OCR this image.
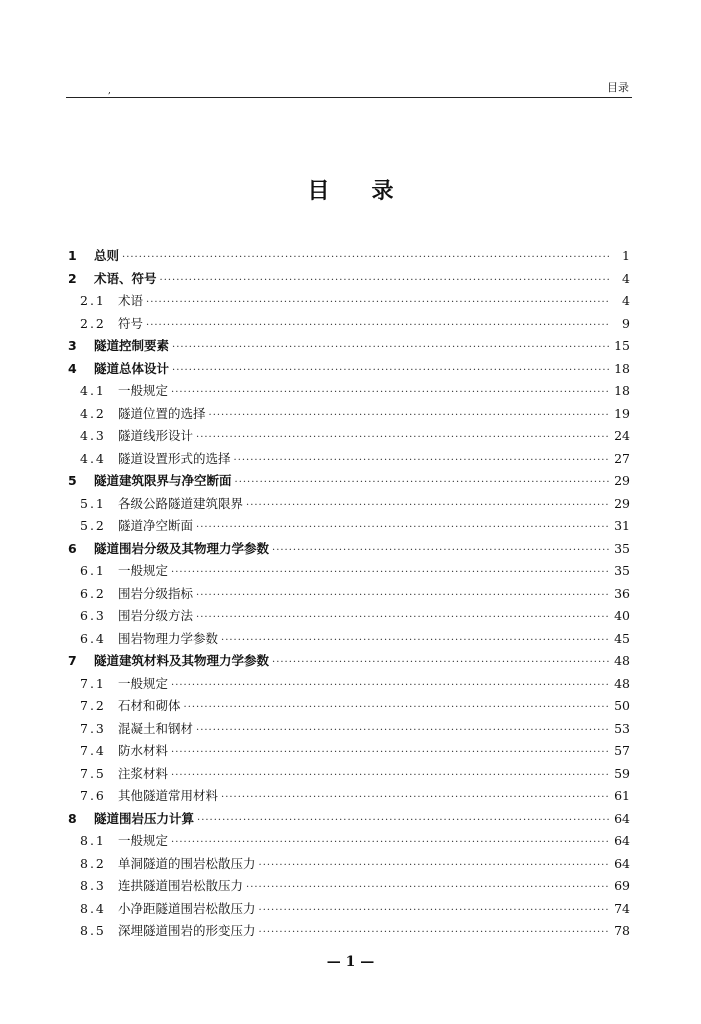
,	目录
目录
1	总则 ·····	1
2	术语、符号 ·····	4
2.1 术语 ·····	4
2.2 符号 ·····	9
3	隧道控制要素 ·····	15
4	隧道总体设计 ·····	18
4.1 一般规定 ·····	18
4.2 隧道位置的选择 ·····	19
4.3 隧道线形设计 ·····	24
4.4 隧道设置形式的选择 ·····	27
5	隧道建筑限界与净空断面 ·····	29
5.1 各级公路隧道建筑限界 ·····	29
5.2 隧道净空断面 ·····	31
6	隧道围岩分级及其物理力学参数 ·····	35
6.1 一般规定 ·····	35
6.2 围岩分级指标 ·····	36
6.3 围岩分级方法 ·····	40
6.4 围岩物理力学参数 ·····	45
7	隧道建筑材料及其物理力学参数 ·····	48
7.1 一般规定 ·····	48
7.2 石材和砌体 ·····	50
7.3 混凝土和钢材 ·····	53
7.4 防水材料 ·····	57
7.5 注浆材料 ·····	59
7.6 其他隧道常用材料 ·····	61
8	隧道围岩压力计算 ·····	64
8.1 一般规定 ·····	64
8.2 单洞隧道的围岩松散压力 ·····	64
8.3 连拱隧道围岩松散压力 ·····	69
8.4 小净距隧道围岩松散压力 ·····	74
8.5 深埋隧道围岩的形变压力 ·····	78
— 1 —
